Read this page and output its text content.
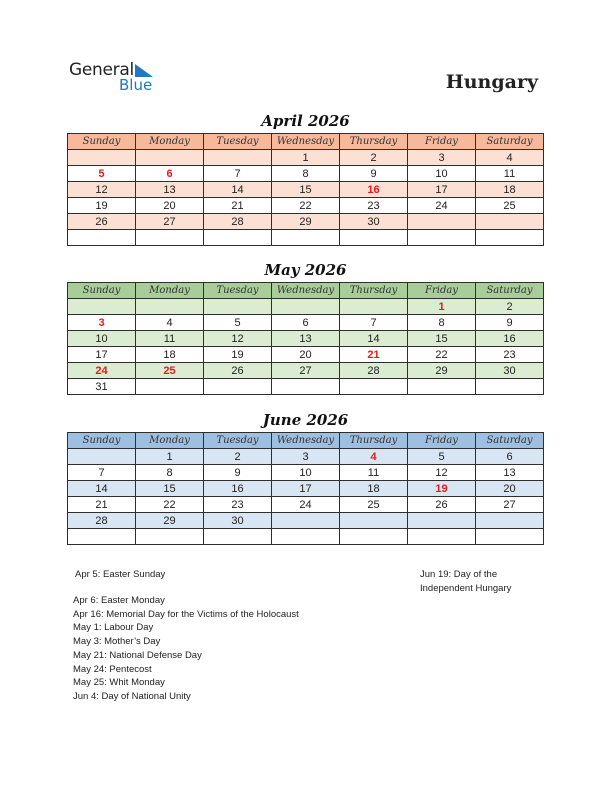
General
Blue	Hungary
April 2026
Sunday	Monday	Tuesday	Wednesday	Thursday	Friday	Saturday
			1	2	3	4
5	6	7	8	9	10	11
12	13	14	15	16	17	18
19	20	21	22	23	24	25
26	27	28	29	30		

May 2026
Sunday	Monday	Tuesday	Wednesday	Thursday	Friday	Saturday
					1	2
3	4	5	6	7	8	9
10	11	12	13	14	15	16
17	18	19	20	21	22	23
24	25	26	27	28	29	30
31						
June 2026
Sunday	Monday	Tuesday	Wednesday	Thursday	Friday	Saturday
	1	2	3	4	5	6
7	8	9	10	11	12	13
14	15	16	17	18	19	20
21	22	23	24	25	26	27
28	29	30				

Apr 5: Easter Sunday
Apr 6: Easter Monday
Apr 16: Memorial Day for the Victims of the Holocaust
May 1: Labour Day
May 3: Mother’s Day
May 21: National Defense Day
May 24: Pentecost
May 25: Whit Monday
Jun 4: Day of National Unity
Jun 19: Day of the
Independent Hungary
